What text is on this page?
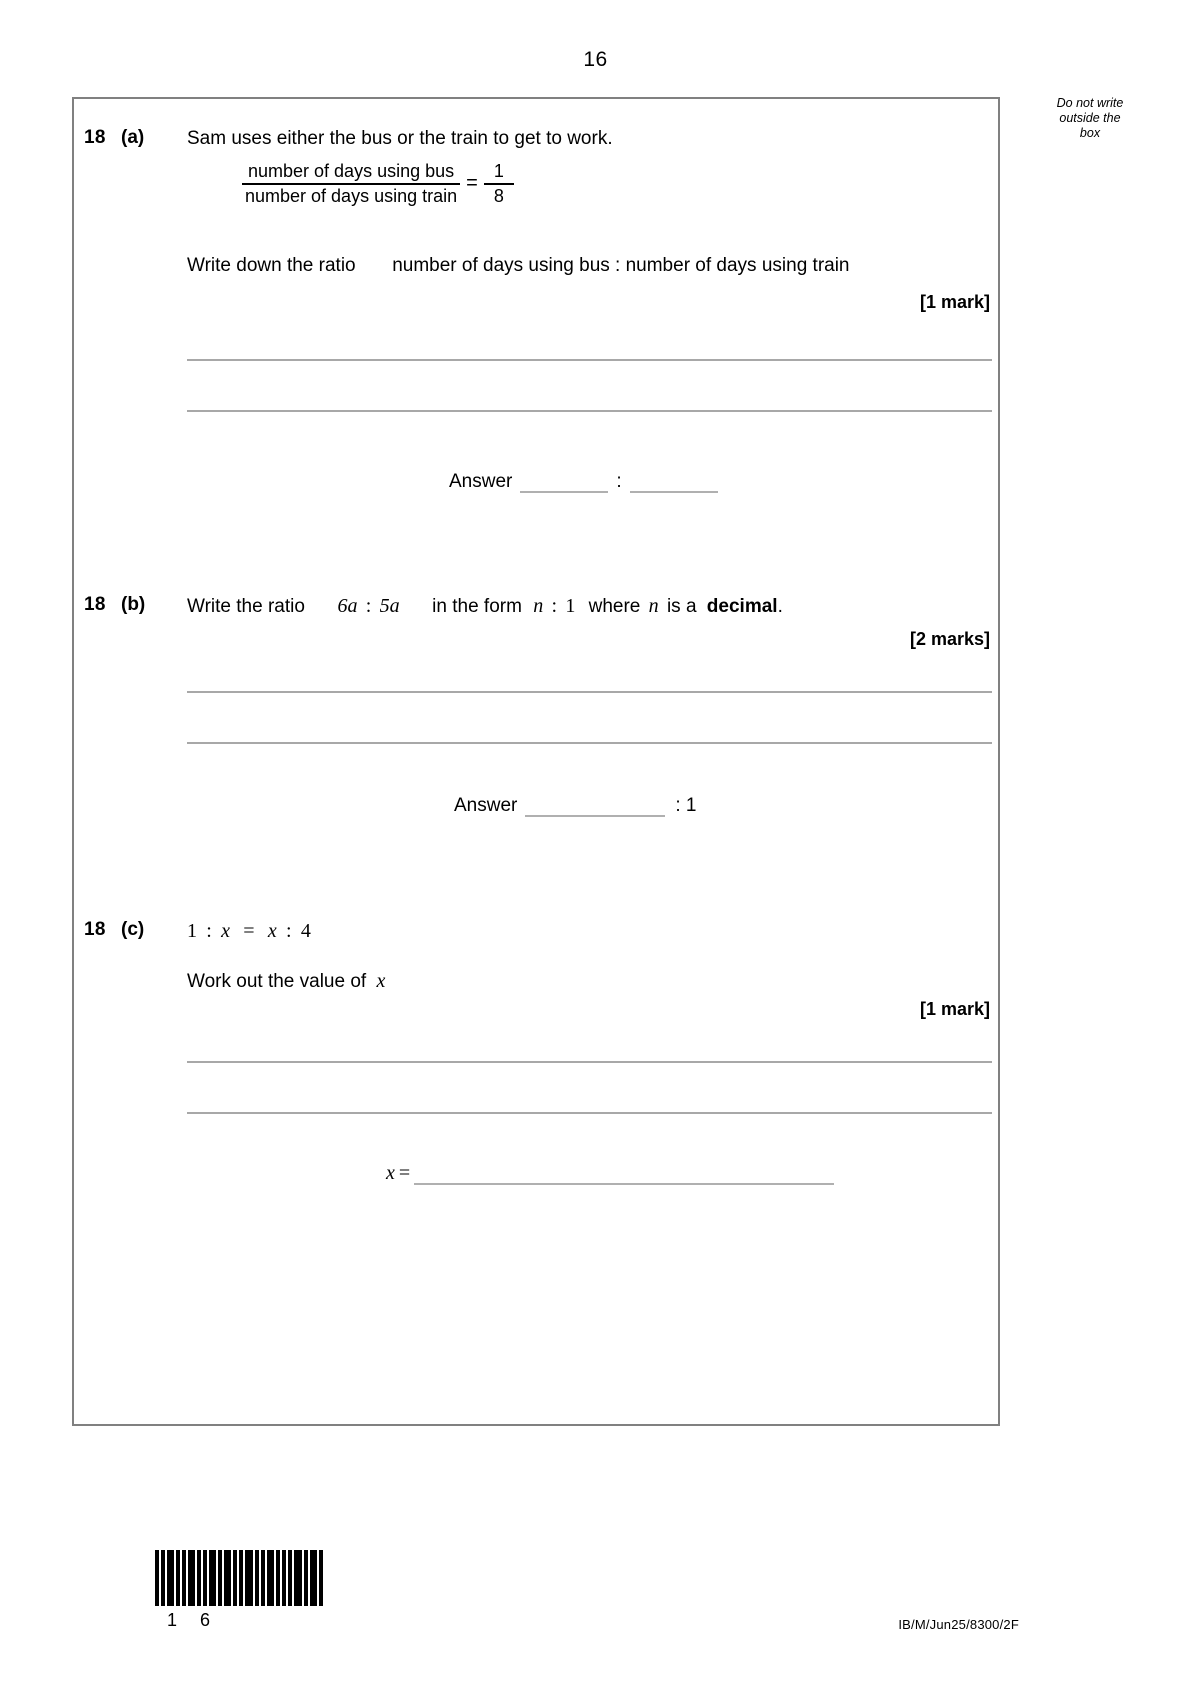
16
Do not write
outside the
box
18 (a) Sam uses either the bus or the train to get to work.
$\frac{\text{number of days using bus}}{\text{number of days using train}} = \frac{1}{8}$
Write down the ratio number of days using bus : number of days using train
[1 mark]
Answer	:
18 (b) Write the ratio 6a : 5a in the form n : 1 where n is a decimal.
[2 marks]
Answer	: 1
18 (c) 1 : x = x : 4
Work out the value of x
[1 mark]
x =
1 6	IB/M/Jun25/8300/2F
